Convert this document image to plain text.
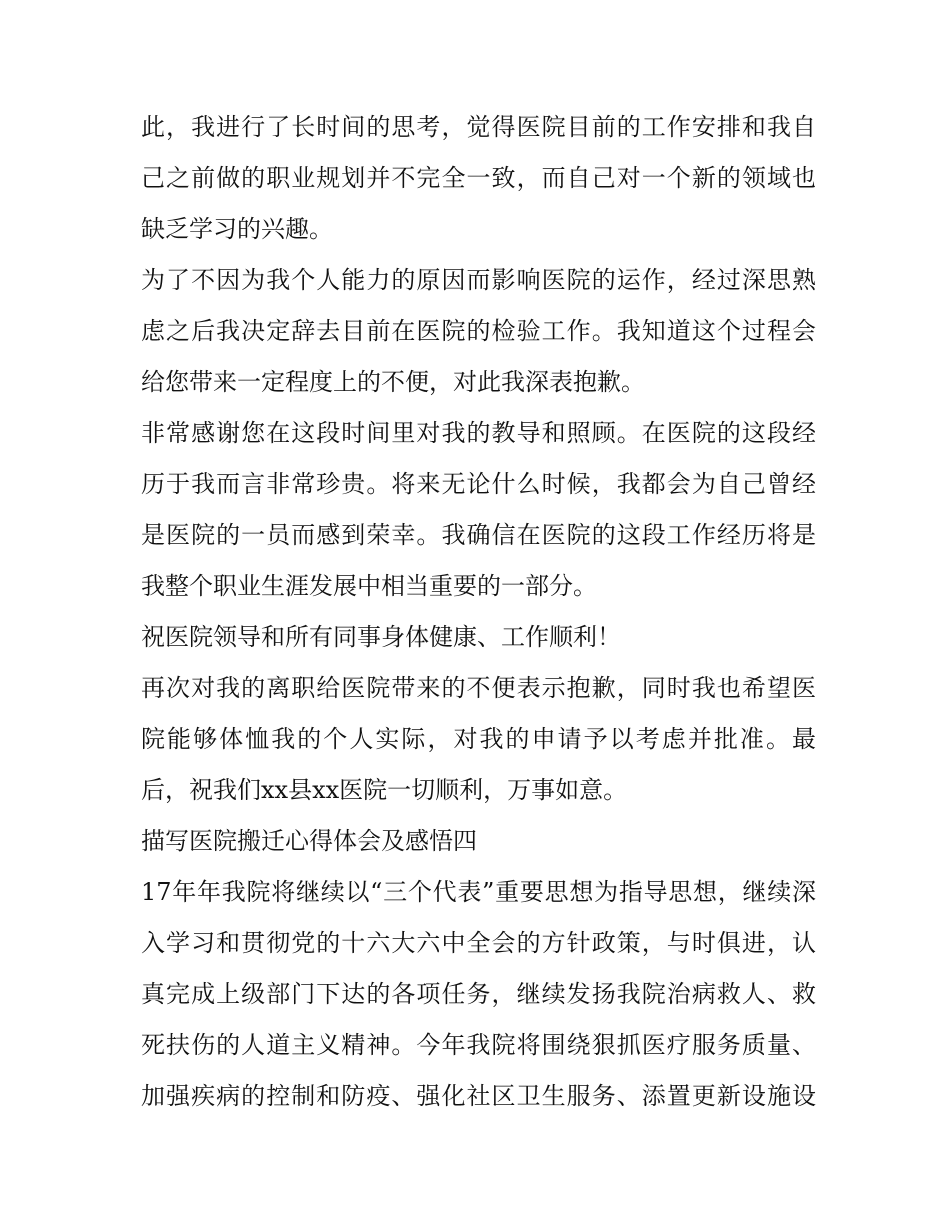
此，我进行了长时间的思考，觉得医院目前的工作安排和我自

己之前做的职业规划并不完全一致，而自己对一个新的领域也

缺乏学习的兴趣。

为了不因为我个人能力的原因而影响医院的运作，经过深思熟

虑之后我决定辞去目前在医院的检验工作。我知道这个过程会

给您带来一定程度上的不便，对此我深表抱歉。

非常感谢您在这段时间里对我的教导和照顾。在医院的这段经

历于我而言非常珍贵。将来无论什么时候，我都会为自己曾经

是医院的一员而感到荣幸。我确信在医院的这段工作经历将是

我整个职业生涯发展中相当重要的一部分。

祝医院领导和所有同事身体健康、工作顺利！

再次对我的离职给医院带来的不便表示抱歉，同时我也希望医

院能够体恤我的个人实际，对我的申请予以考虑并批准。最

后，祝我们xx县xx医院一切顺利，万事如意。

描写医院搬迁心得体会及感悟四

17年年我院将继续以“三个代表”重要思想为指导思想，继续深

入学习和贯彻党的十六大六中全会的方针政策，与时俱进，认

真完成上级部门下达的各项任务，继续发扬我院治病救人、救

死扶伤的人道主义精神。今年我院将围绕狠抓医疗服务质量、

加强疾病的控制和防疫、强化社区卫生服务、添置更新设施设
